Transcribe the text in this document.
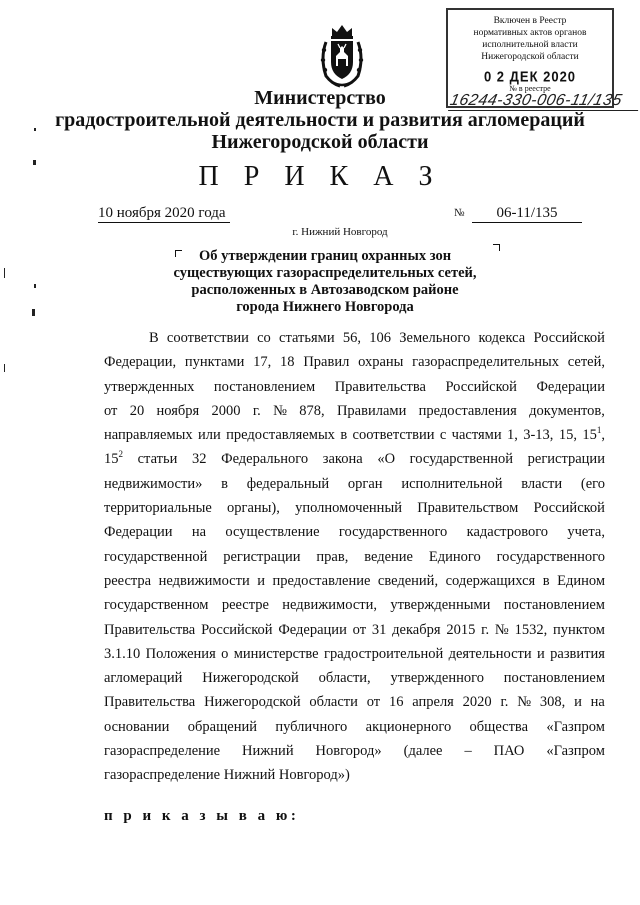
Включен в Реестр
нормативных актов органов
исполнительной власти
Нижегородской области
0 2 ДЕК 2020
№ в реестре
16244-330-006-11/135
Министерство
градостроительной деятельности и развития агломераций
Нижегородской области
П Р И К А З
10 ноября 2020 года
г. Нижний Новгород
№	06-11/135
Об утверждении границ охранных зон
существующих газораспределительных сетей,
расположенных в Автозаводском районе
города Нижнего Новгорода
В соответствии со статьями 56, 106 Земельного кодекса Российской
Федерации, пунктами 17, 18 Правил охраны газораспределительных сетей,
утвержденных постановлением Правительства Российской Федерации
от 20 ноября 2000 г. № 878, Правилами предоставления документов,
направляемых или предоставляемых в соответствии с частями 1, 3-13, 15, $15^1$,
$15^2$ статьи 32 Федерального закона «О государственной регистрации
недвижимости» в федеральный орган исполнительной власти (его
территориальные органы), уполномоченный Правительством Российской
Федерации на осуществление государственного кадастрового учета,
государственной регистрации прав, ведение Единого государственного
реестра недвижимости и предоставление сведений, содержащихся в Едином
государственном реестре недвижимости, утвержденными постановлением
Правительства Российской Федерации от 31 декабря 2015 г. № 1532, пунктом
3.1.10 Положения о министерстве градостроительной деятельности и развития
агломераций Нижегородской области, утвержденного постановлением
Правительства Нижегородской области от 16 апреля 2020 г. № 308, и на
основании обращений публичного акционерного общества «Газпром
газораспределение Нижний Новгород» (далее – ПАО «Газпром
газораспределение Нижний Новгород»)
п р и к а з ы в а ю:
